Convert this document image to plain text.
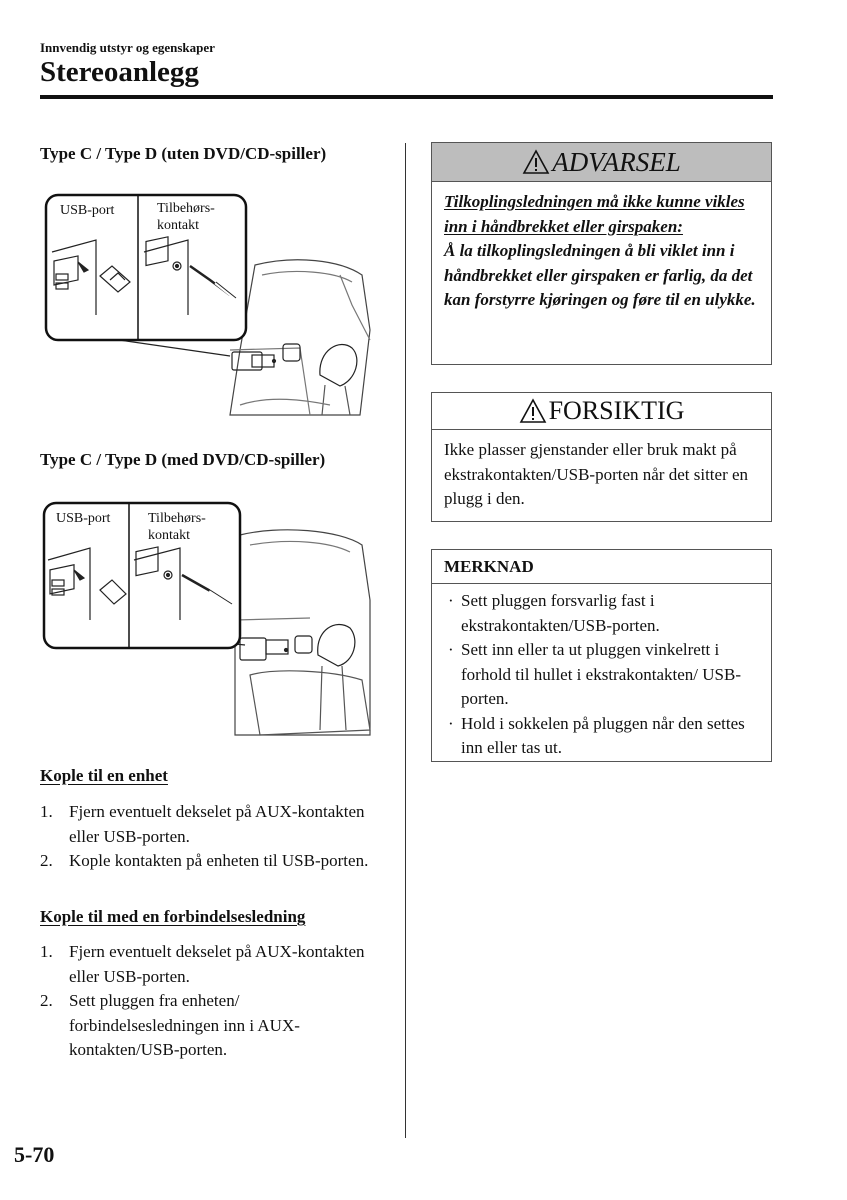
Innvendig utstyr og egenskaper
Stereoanlegg
Type C / Type D (uten DVD/CD-spiller)
USB-port	Tilbehørs-
kontakt
Type C / Type D (med DVD/CD-spiller)
USB-port	Tilbehørs-
kontakt
Kople til en enhet
1. Fjern eventuelt dekselet på AUX-kontakten eller USB-porten.
2. Kople kontakten på enheten til USB-porten.
Kople til med en forbindelsesledning
1. Fjern eventuelt dekselet på AUX-kontakten eller USB-porten.
2. Sett pluggen fra enheten/ forbindelsesledningen inn i AUX-kontakten/USB-porten.
ADVARSEL
Tilkoplingsledningen må ikke kunne vikles inn i håndbrekket eller girspaken:
Å la tilkoplingsledningen å bli viklet inn i håndbrekket eller girspaken er farlig, da det kan forstyrre kjøringen og føre til en ulykke.
FORSIKTIG
Ikke plasser gjenstander eller bruk makt på ekstrakontakten/USB-porten når det sitter en plugg i den.
MERKNAD
· Sett pluggen forsvarlig fast i ekstrakontakten/USB-porten.
· Sett inn eller ta ut pluggen vinkelrett i forhold til hullet i ekstrakontakten/ USB-porten.
· Hold i sokkelen på pluggen når den settes inn eller tas ut.
5-70
